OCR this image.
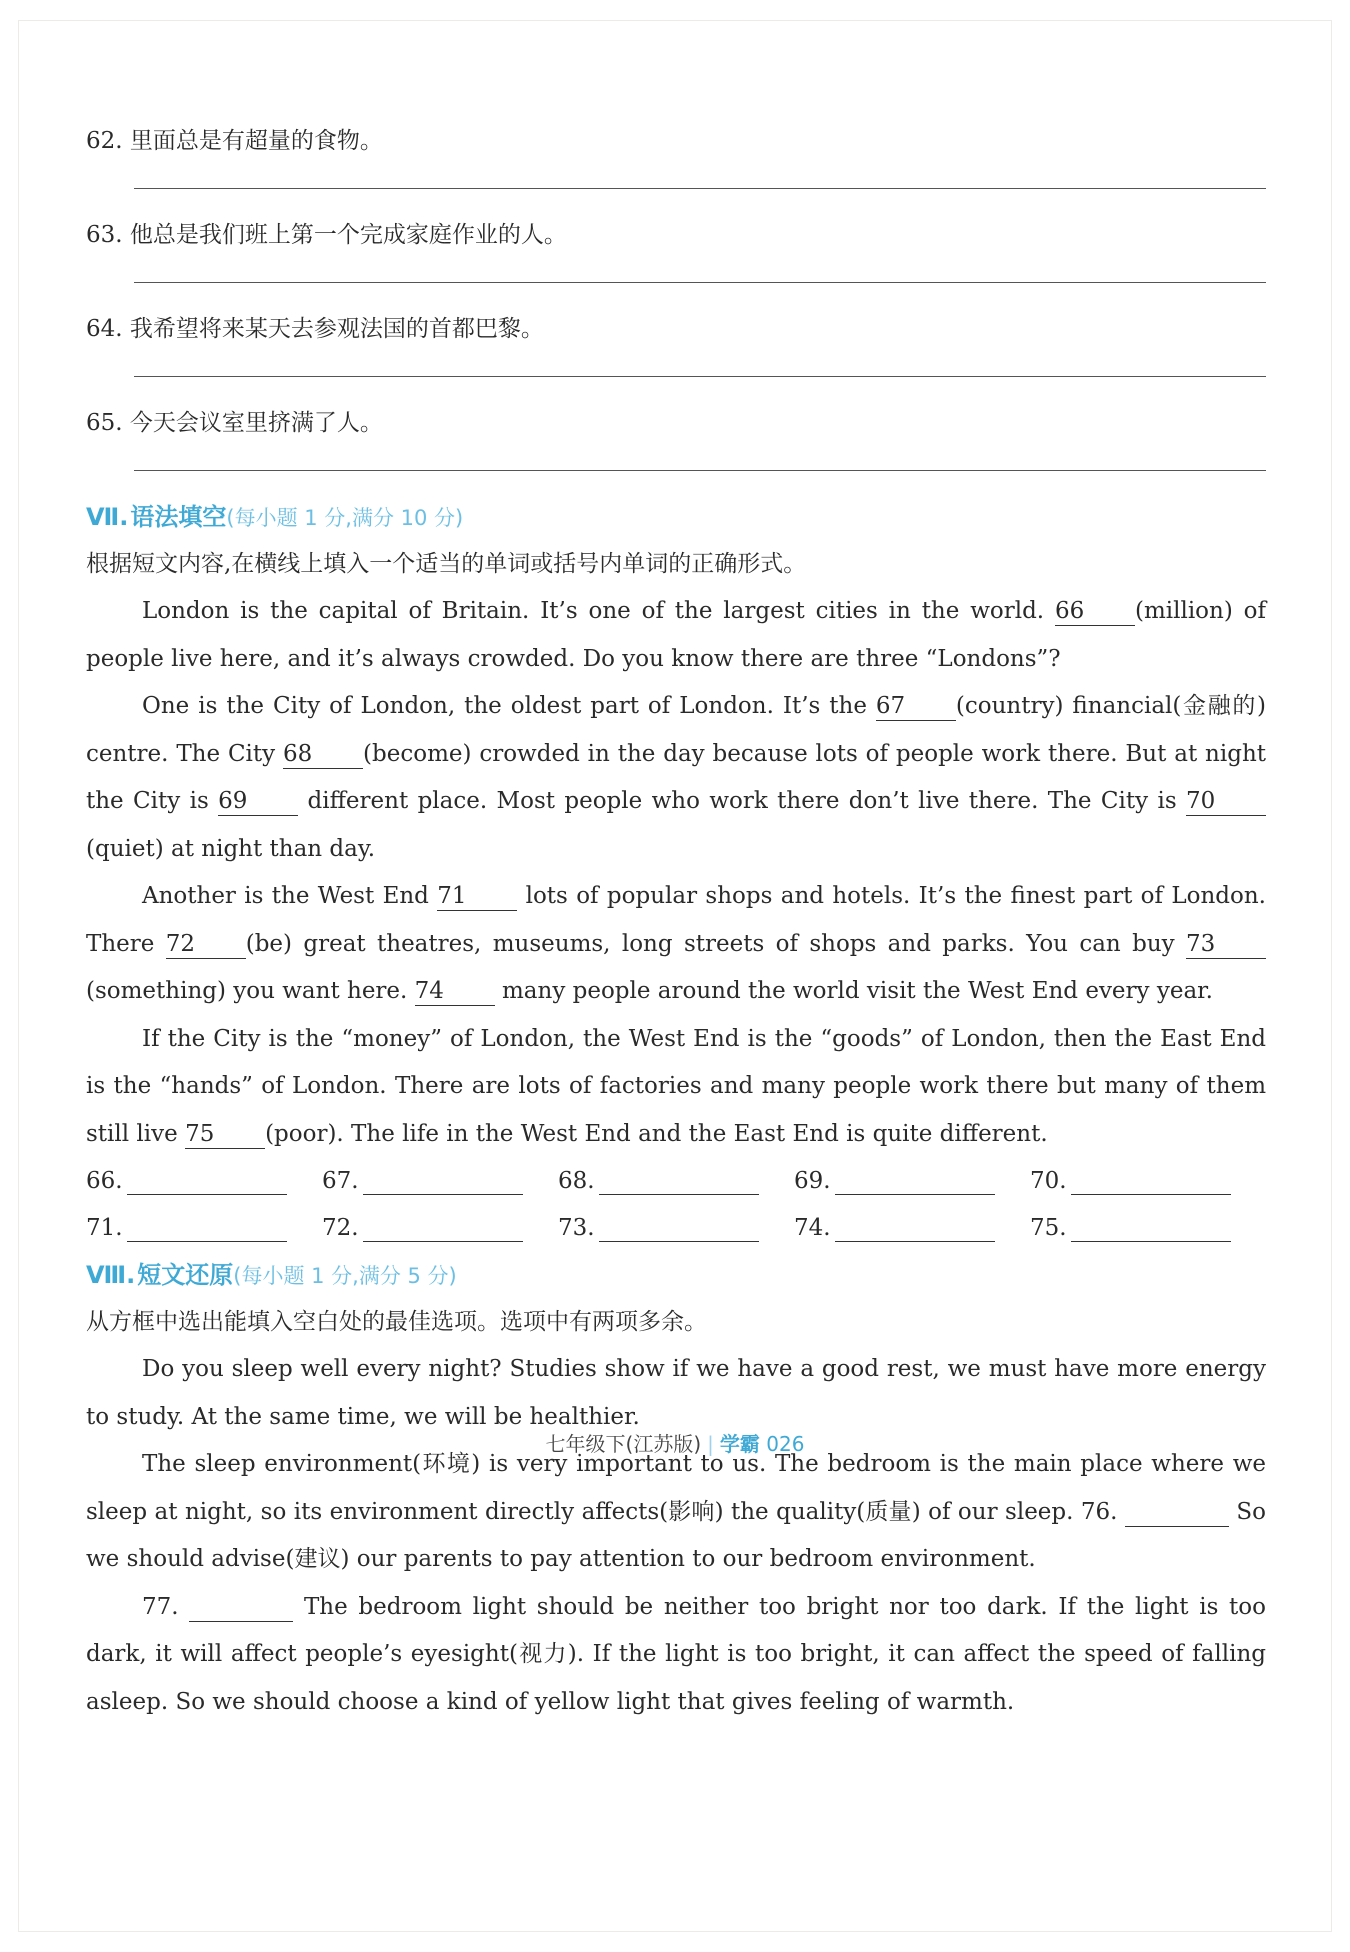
62. 里面总是有超量的食物。
63. 他总是我们班上第一个完成家庭作业的人。
64. 我希望将来某天去参观法国的首都巴黎。
65. 今天会议室里挤满了人。
Ⅶ.语法填空(每小题 1 分,满分 10 分)
根据短文内容,在横线上填入一个适当的单词或括号内单词的正确形式。
London is the capital of Britain. It’s one of the largest cities in the world. 66 (million) of people live here, and it’s always crowded. Do you know there are three “Londons”?
One is the City of London, the oldest part of London. It’s the 67 (country) financial(金融的) centre. The City 68 (become) crowded in the day because lots of people work there. But at night the City is 69 different place. Most people who work there don’t live there. The City is 70(quiet) at night than day.
Another is the West End 71 lots of popular shops and hotels. It’s the finest part of London. There 72 (be) great theatres, museums, long streets of shops and parks. You can buy 73(something) you want here. 74 many people around the world visit the West End every year.
If the City is the “money” of London, the West End is the “goods” of London, then the East End is the “hands” of London. There are lots of factories and many people work there but many of them still live 75 (poor). The life in the West End and the East End is quite different.
66.	67.	68.	69.	70.
71.	72.	73.	74.	75.
Ⅷ.短文还原(每小题 1 分,满分 5 分)
从方框中选出能填入空白处的最佳选项。选项中有两项多余。
Do you sleep well every night? Studies show if we have a good rest, we must have more energy to study. At the same time, we will be healthier.
The sleep environment(环境) is very important to us. The bedroom is the main place where we sleep at night, so its environment directly affects(影响) the quality(质量) of our sleep. 76.	So we should advise(建议) our parents to pay attention to our bedroom environment.
77.	The bedroom light should be neither too bright nor too dark. If the light is too dark, it will affect people’s eyesight(视力). If the light is too bright, it can affect the speed of falling asleep. So we should choose a kind of yellow light that gives feeling of warmth.
七年级下(江苏版) | 学霸 026
